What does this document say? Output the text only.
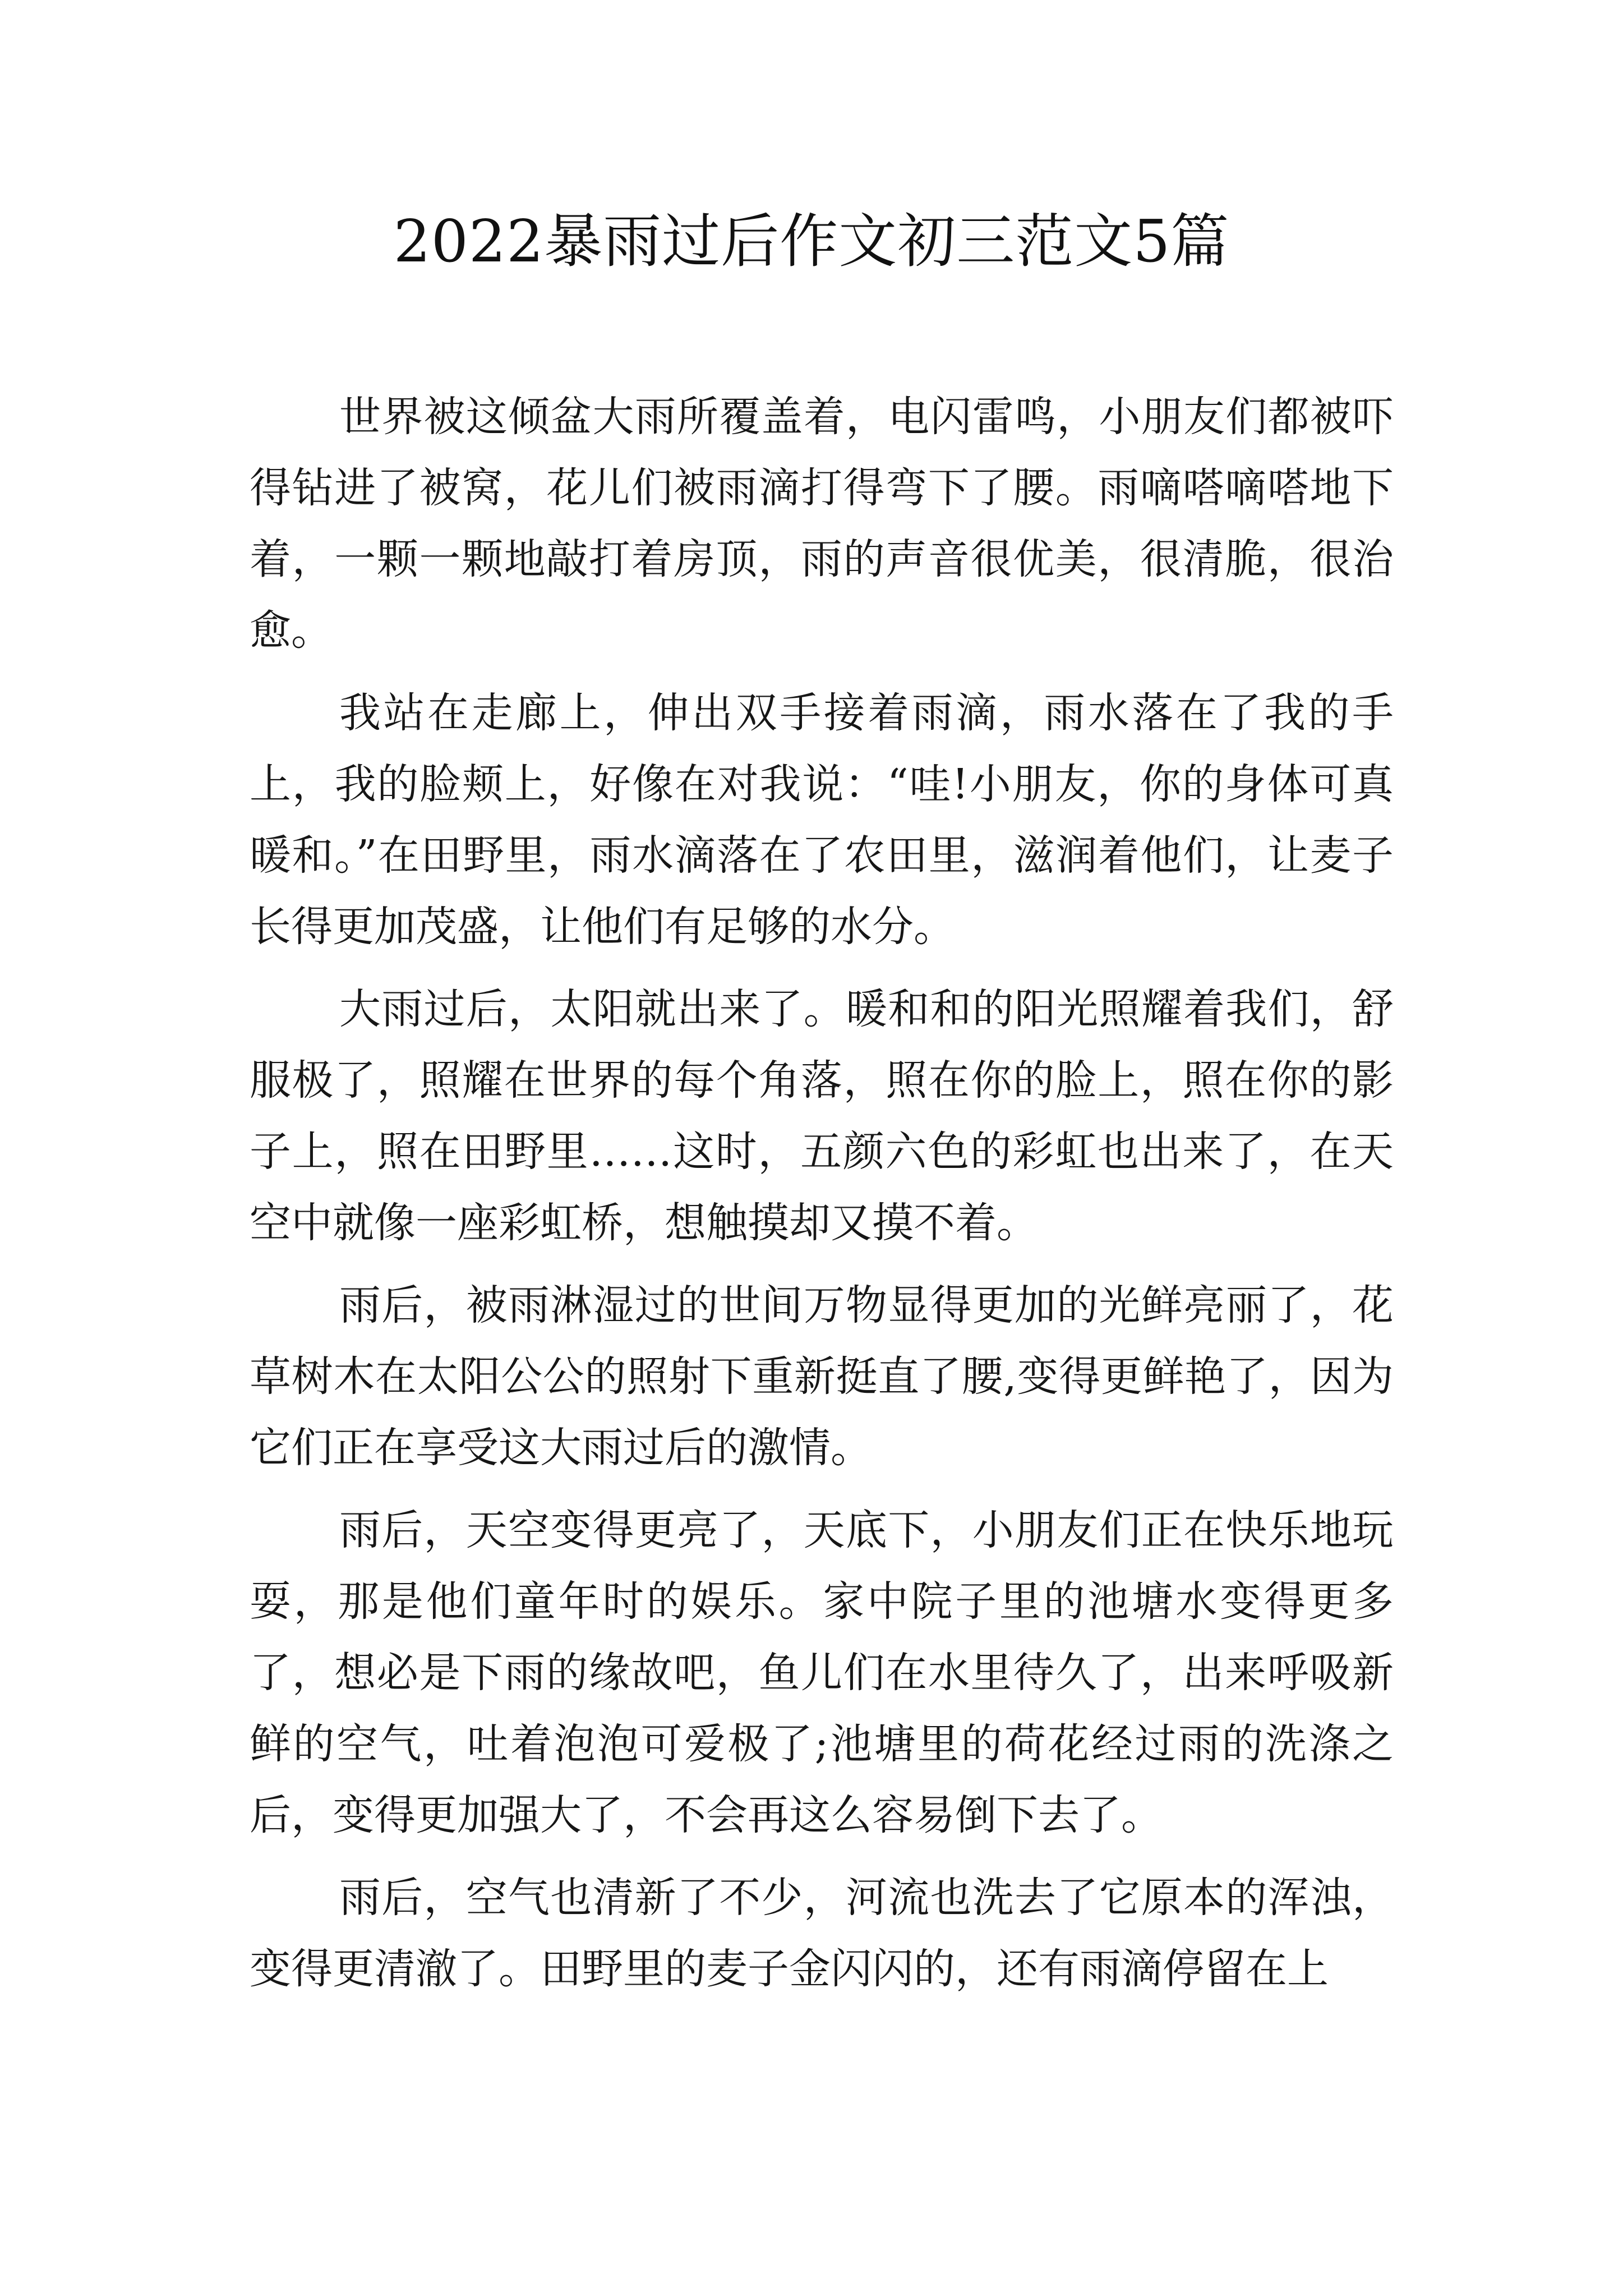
2022暴雨过后作文初三范文5篇

世界被这倾盆大雨所覆盖着，电闪雷鸣，小朋友们都被吓得钻进了被窝，花儿们被雨滴打得弯下了腰。雨嘀嗒嘀嗒地下着，一颗一颗地敲打着房顶，雨的声音很优美，很清脆，很治愈。

我站在走廊上，伸出双手接着雨滴，雨水落在了我的手上，我的脸颊上，好像在对我说：“哇!小朋友，你的身体可真暖和。”在田野里，雨水滴落在了农田里，滋润着他们，让麦子长得更加茂盛，让他们有足够的水分。

大雨过后，太阳就出来了。暖和和的阳光照耀着我们，舒服极了，照耀在世界的每个角落，照在你的脸上，照在你的影子上，照在田野里……这时，五颜六色的彩虹也出来了，在天空中就像一座彩虹桥，想触摸却又摸不着。

雨后，被雨淋湿过的世间万物显得更加的光鲜亮丽了，花草树木在太阳公公的照射下重新挺直了腰,变得更鲜艳了，因为它们正在享受这大雨过后的激情。

雨后，天空变得更亮了，天底下，小朋友们正在快乐地玩耍，那是他们童年时的娱乐。家中院子里的池塘水变得更多了，想必是下雨的缘故吧，鱼儿们在水里待久了，出来呼吸新鲜的空气，吐着泡泡可爱极了;池塘里的荷花经过雨的洗涤之后，变得更加强大了，不会再这么容易倒下去了。

雨后，空气也清新了不少，河流也洗去了它原本的浑浊，变得更清澈了。田野里的麦子金闪闪的，还有雨滴停留在上
